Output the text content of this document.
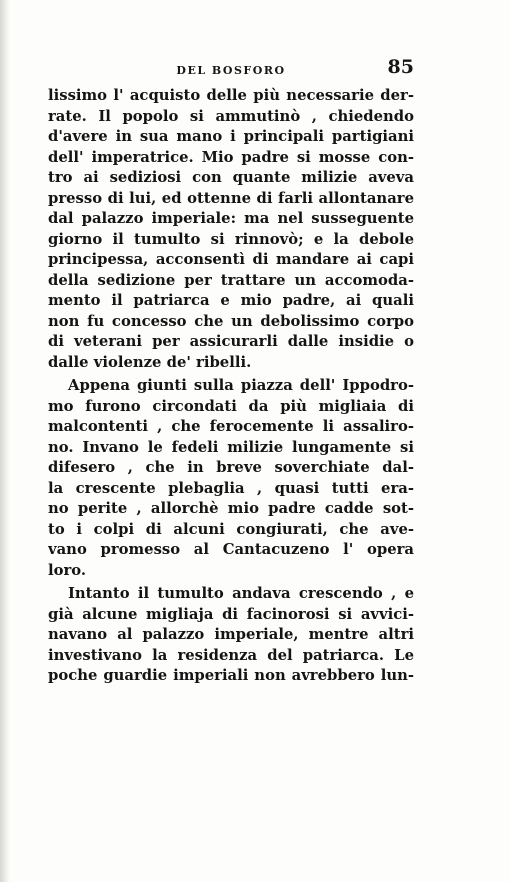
DEL BOSFORO	85
lissimo l' acquisto delle più necessarie der-
rate. Il popolo si ammutinò , chiedendo
d'avere in sua mano i principali partigiani
dell' imperatrice. Mio padre si mosse con-
tro ai sediziosi con quante milizie aveva
presso di lui, ed ottenne di farli allontanare
dal palazzo imperiale: ma nel susseguente
giorno il tumulto si rinnovò; e la debole
principessa, acconsentì di mandare ai capi
della sedizione per trattare un accomoda-
mento il patriarca e mio padre, ai quali
non fu concesso che un debolissimo corpo
di veterani per assicurarli dalle insidie o
dalle violenze de' ribelli.
Appena giunti sulla piazza dell' Ippodro-
mo furono circondati da più migliaia di
malcontenti , che ferocemente li assaliro-
no. Invano le fedeli milizie lungamente si
difesero , che in breve soverchiate dal-
la crescente plebaglia , quasi tutti era-
no perite , allorchè mio padre cadde sot-
to i colpi di alcuni congiurati, che ave-
vano promesso al Cantacuzeno l' opera
loro.
Intanto il tumulto andava crescendo , e
già alcune migliaja di facinorosi si avvici-
navano al palazzo imperiale, mentre altri
investivano la residenza del patriarca. Le
poche guardie imperiali non avrebbero lun-
